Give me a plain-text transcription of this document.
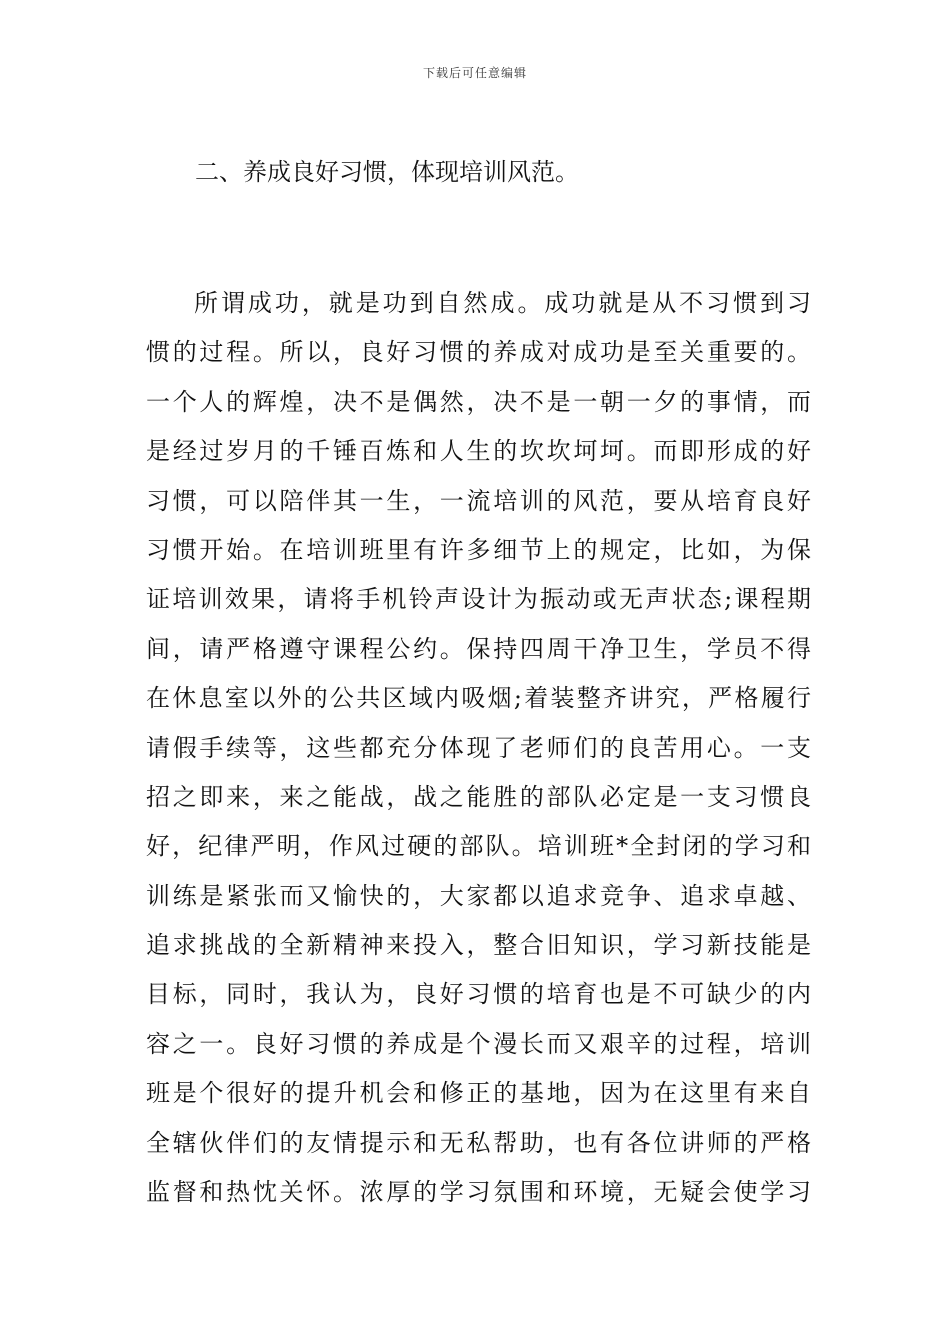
下载后可任意编辑
二、养成良好习惯，体现培训风范。
所谓成功，就是功到自然成。成功就是从不习惯到习
惯的过程。所以，良好习惯的养成对成功是至关重要的。
一个人的辉煌，决不是偶然，决不是一朝一夕的事情，而
是经过岁月的千锤百炼和人生的坎坎坷坷。而即形成的好
习惯，可以陪伴其一生，一流培训的风范，要从培育良好
习惯开始。在培训班里有许多细节上的规定，比如，为保
证培训效果，请将手机铃声设计为振动或无声状态;课程期
间，请严格遵守课程公约。保持四周干净卫生，学员不得
在休息室以外的公共区域内吸烟;着装整齐讲究，严格履行
请假手续等，这些都充分体现了老师们的良苦用心。一支
招之即来，来之能战，战之能胜的部队必定是一支习惯良
好，纪律严明，作风过硬的部队。培训班*全封闭的学习和
训练是紧张而又愉快的，大家都以追求竞争、追求卓越、
追求挑战的全新精神来投入，整合旧知识，学习新技能是
目标，同时，我认为，良好习惯的培育也是不可缺少的内
容之一。良好习惯的养成是个漫长而又艰辛的过程，培训
班是个很好的提升机会和修正的基地，因为在这里有来自
全辖伙伴们的友情提示和无私帮助，也有各位讲师的严格
监督和热忱关怀。浓厚的学习氛围和环境，无疑会使学习
